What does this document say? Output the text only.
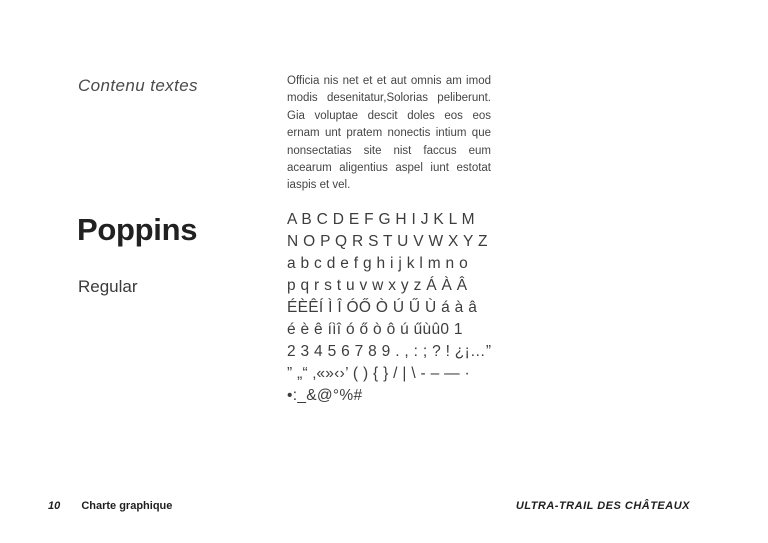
Contenu textes	Officia nis net et et aut omnis am imod modis desenitatur,Solorias peliberunt. Gia voluptae descit doles eos eos ernam unt pratem nonectis intium que nonsectatias site nist faccus eum acearum aligentius aspel iunt estotat iaspis et vel.
Poppins
Regular
A B C D E F G H I J K L M
N O P Q R S T U V W X Y Z
a b c d e f g h i j k l m n o
p q r s t u v w x y z Á À Â
ÉÈÊÍ Ì Î ÓŐ Ò Ú Ű Ù á à â
é è ê íìî ó ő ò ô ú űùû0 1
2 3 4 5 6 7 8 9 . , : ; ? ! ¿¡…”
” „“ ‚«»‹›’ ( ) { } / | \ - – — ·
•:_&@°%#
10 Charte graphique	ULTRA-TRAIL DES CHÂTEAUX
